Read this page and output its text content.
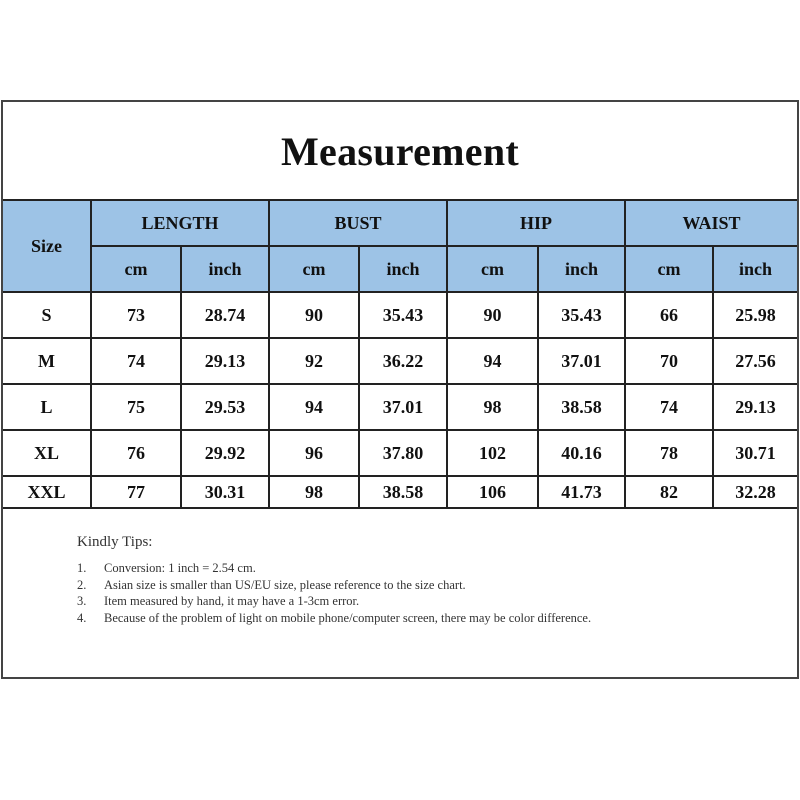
Measurement
Size	LENGTH		BUST		HIP		WAIST	
	cm	inch	cm	inch	cm	inch	cm	inch
S	73	28.74	90	35.43	90	35.43	66	25.98
M	74	29.13	92	36.22	94	37.01	70	27.56
L	75	29.53	94	37.01	98	38.58	74	29.13
XL	76	29.92	96	37.80	102	40.16	78	30.71
XXL	77	30.31	98	38.58	106	41.73	82	32.28
Kindly Tips:
1.	Conversion: 1 inch = 2.54 cm.
2.	Asian size is smaller than US/EU size, please reference to the size chart.
3.	Item measured by hand, it may have a 1-3cm error.
4.	Because of the problem of light on mobile phone/computer screen, there may be color difference.
